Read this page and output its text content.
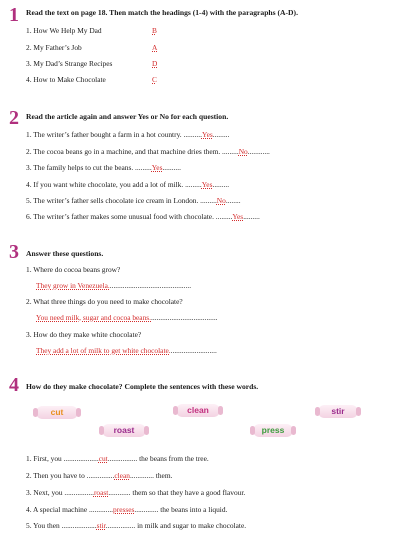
1 Read the text on page 18. Then match the headings (1-4) with the paragraphs (A-D).
1. How We Help My Dad	B
2. My Father’s Job	A
3. My Dad’s Strange Recipes	D
4. How to Make Chocolate	C
2 Read the article again and answer Yes or No for each question.
1. The writer’s father bought a farm in a hot country. ..........Yes.........
2. The cocoa beans go in a machine, and that machine dries them. .........No............
3. The family helps to cut the beans. .........Yes..........
4. If you want white chocolate, you add a lot of milk. .........Yes.........
5. The writer’s father sells chocolate ice cream in London. .........No........
6. The writer’s father makes some unusual food with chocolate. .........Yes.........
3 Answer these questions.
1. Where do cocoa beans grow?
They grow in Venezuela.............................................
2. What three things do you need to make chocolate?
You need milk, sugar and cocoa beans.....................................
3. How do they make white chocolate?
They add a lot of milk to get white chocolate..........................
4 How do they make chocolate? Complete the sentences with these words.
cut	clean	stir
roast	press
1. First, you ...................cut................ the beans from the tree.
2. Then you have to ...............clean............. them.
3. Next, you ................roast............ them so that they have a good flavour.
4. A special machine .............presses............. the beans into a liquid.
5. You then ...................stir................ in milk and sugar to make chocolate.
